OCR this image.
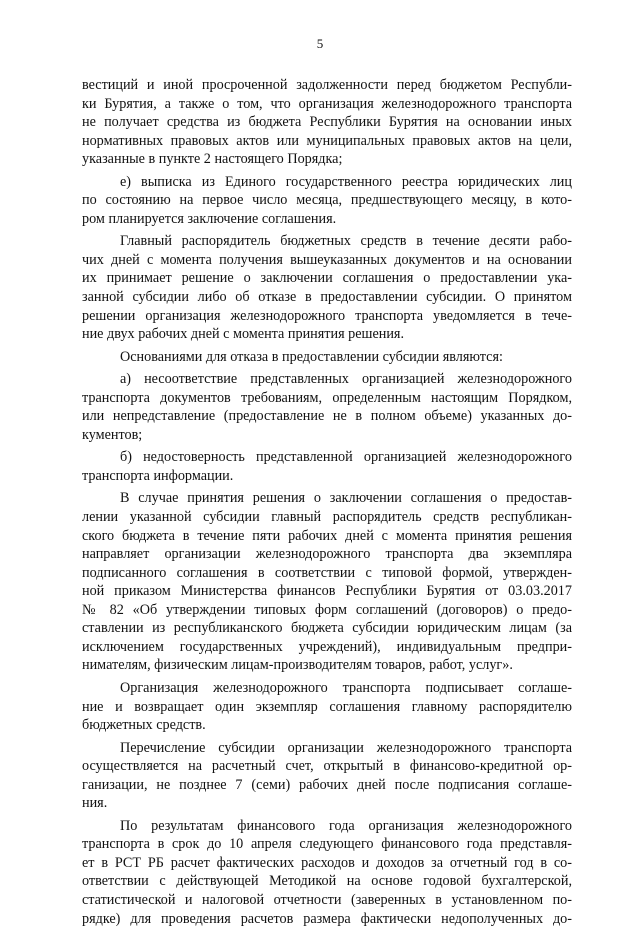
5
вестиций и иной просроченной задолженности перед бюджетом Республи-
ки Бурятия, а также о том, что организация железнодорожного транспорта
не получает средства из бюджета Республики Бурятия на основании иных
нормативных правовых актов или муниципальных правовых актов на цели,
указанные в пункте 2 настоящего Порядка;
е) выписка из Единого государственного реестра юридических лиц
по состоянию на первое число месяца, предшествующего месяцу, в кото-
ром планируется заключение соглашения.
Главный распорядитель бюджетных средств в течение десяти рабо-
чих дней с момента получения вышеуказанных документов и на основании
их принимает решение о заключении соглашения о предоставлении ука-
занной субсидии либо об отказе в предоставлении субсидии. О принятом
решении организация железнодорожного транспорта уведомляется в тече-
ние двух рабочих дней с момента принятия решения.
Основаниями для отказа в предоставлении субсидии являются:
а) несоответствие представленных организацией железнодорожного
транспорта документов требованиям, определенным настоящим Порядком,
или непредставление (предоставление не в полном объеме) указанных до-
кументов;
б) недостоверность представленной организацией железнодорожного
транспорта информации.
В случае принятия решения о заключении соглашения о предостав-
лении указанной субсидии главный распорядитель средств республикан-
ского бюджета в течение пяти рабочих дней с момента принятия решения
направляет организации железнодорожного транспорта два экземпляра
подписанного соглашения в соответствии с типовой формой, утвержден-
ной приказом Министерства финансов Республики Бурятия от 03.03.2017
№ 82 «Об утверждении типовых форм соглашений (договоров) о предо-
ставлении из республиканского бюджета субсидии юридическим лицам (за
исключением государственных учреждений), индивидуальным предпри-
нимателям, физическим лицам-производителям товаров, работ, услуг».
Организация железнодорожного транспорта подписывает соглаше-
ние и возвращает один экземпляр соглашения главному распорядителю
бюджетных средств.
Перечисление субсидии организации железнодорожного транспорта
осуществляется на расчетный счет, открытый в финансово-кредитной ор-
ганизации, не позднее 7 (семи) рабочих дней после подписания соглаше-
ния.
По результатам финансового года организация железнодорожного
транспорта в срок до 10 апреля следующего финансового года представля-
ет в РСТ РБ расчет фактических расходов и доходов за отчетный год в со-
ответствии с действующей Методикой на основе годовой бухгалтерской,
статистической и налоговой отчетности (заверенных в установленном по-
рядке) для проведения расчетов размера фактически недополученных до-
